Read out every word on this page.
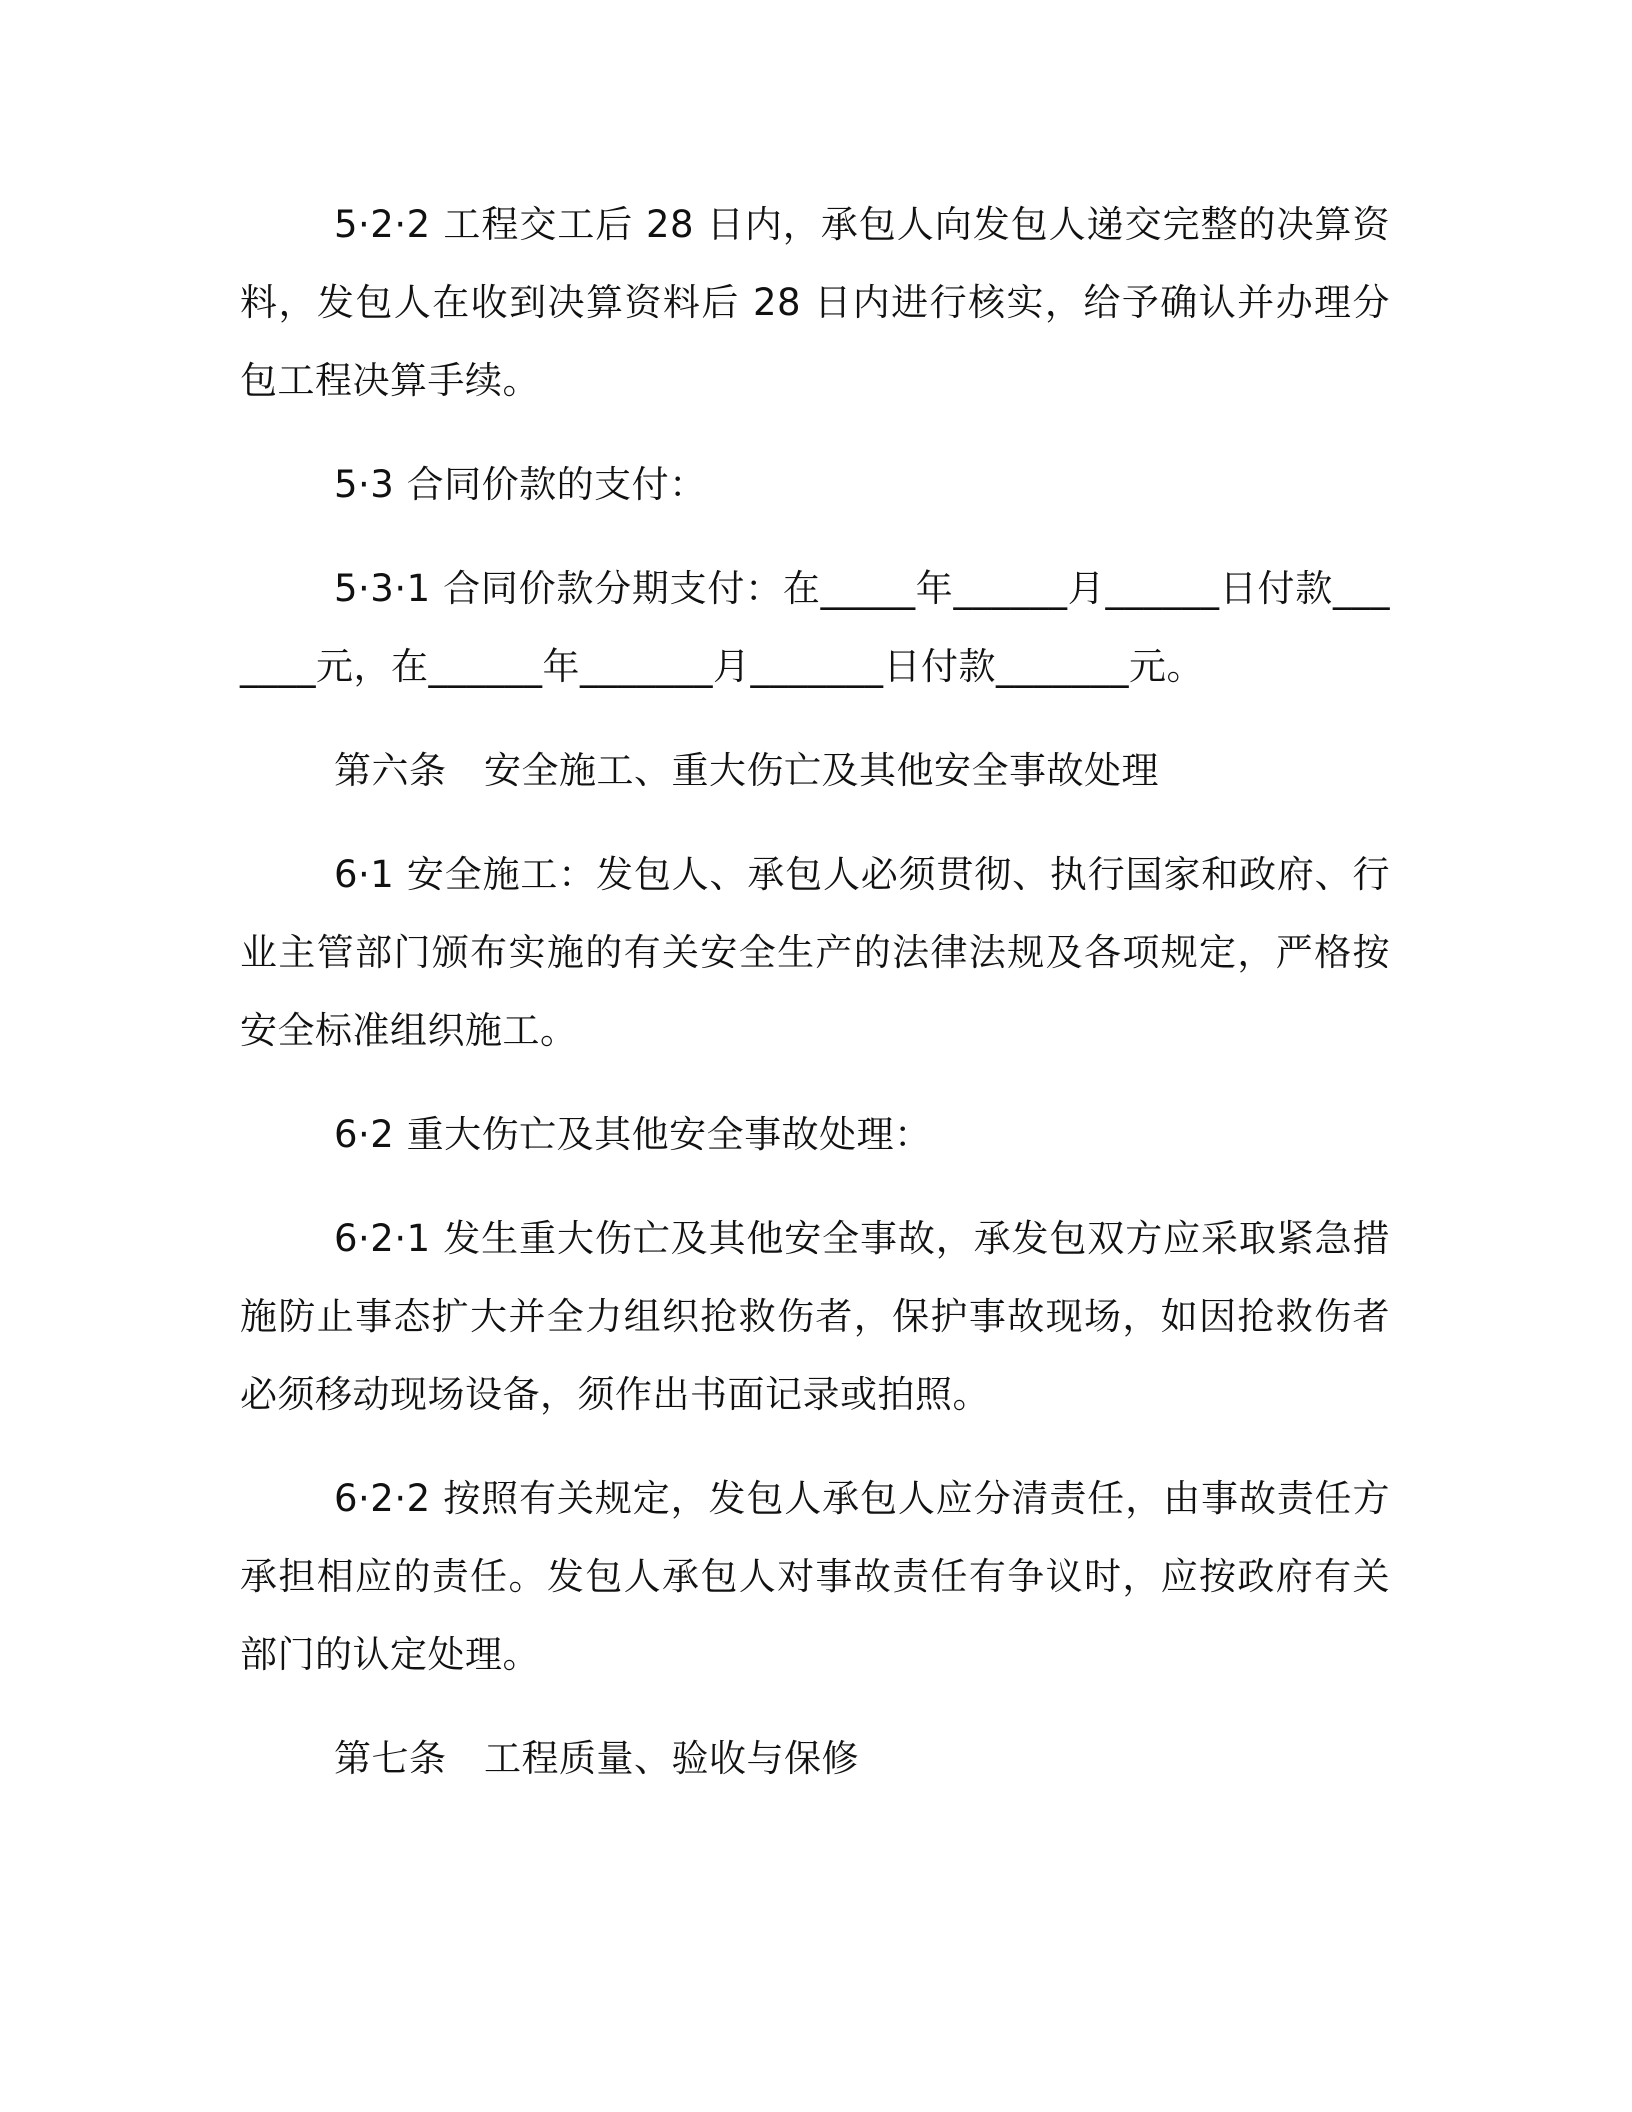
5·2·2 工程交工后 28 日内，承包人向发包人递交完整的决算资料，发包人在收到决算资料后 28 日内进行核实，给予确认并办理分包工程决算手续。

5·3 合同价款的支付：

5·3·1 合同价款分期支付：在_____年______月______日付款_______元，在______年_______月_______日付款_______元。

第六条　安全施工、重大伤亡及其他安全事故处理

6·1 安全施工：发包人、承包人必须贯彻、执行国家和政府、行业主管部门颁布实施的有关安全生产的法律法规及各项规定，严格按安全标准组织施工。

6·2 重大伤亡及其他安全事故处理：

6·2·1 发生重大伤亡及其他安全事故，承发包双方应采取紧急措施防止事态扩大并全力组织抢救伤者，保护事故现场，如因抢救伤者必须移动现场设备，须作出书面记录或拍照。

6·2·2 按照有关规定，发包人承包人应分清责任，由事故责任方承担相应的责任。发包人承包人对事故责任有争议时，应按政府有关部门的认定处理。

第七条　工程质量、验收与保修
